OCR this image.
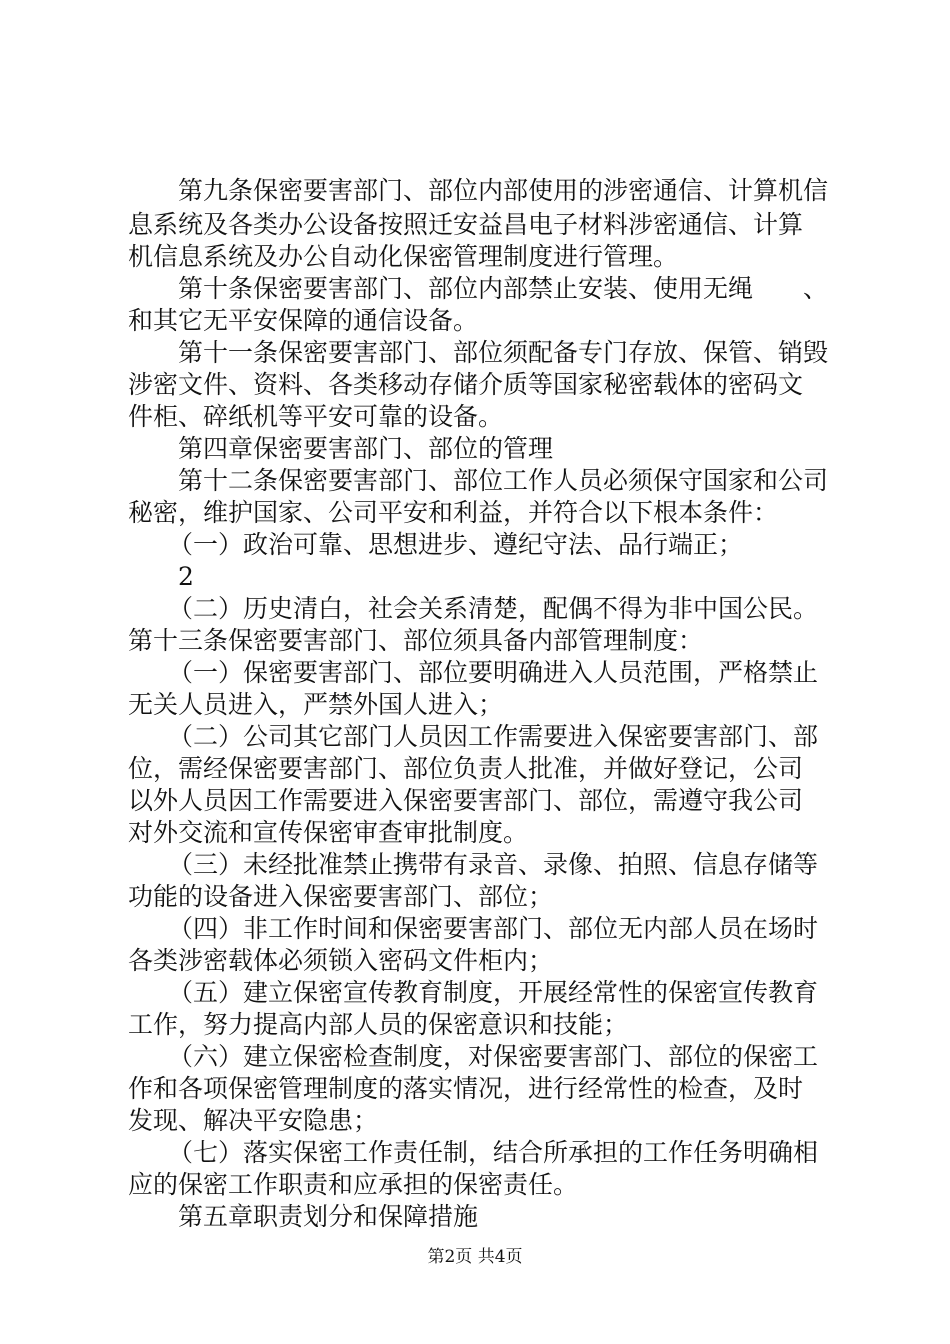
第九条保密要害部门、部位内部使用的涉密通信、计算机信
息系统及各类办公设备按照迁安益昌电子材料涉密通信、计算
机信息系统及办公自动化保密管理制度进行管理。
第十条保密要害部门、部位内部禁止安装、使用无绳　　、
和其它无平安保障的通信设备。
第十一条保密要害部门、部位须配备专门存放、保管、销毁
涉密文件、资料、各类移动存储介质等国家秘密载体的密码文
件柜、碎纸机等平安可靠的设备。
第四章保密要害部门、部位的管理
第十二条保密要害部门、部位工作人员必须保守国家和公司
秘密，维护国家、公司平安和利益，并符合以下根本条件：
（一）政治可靠、思想进步、遵纪守法、品行端正；
2
（二）历史清白，社会关系清楚，配偶不得为非中国公民。
第十三条保密要害部门、部位须具备内部管理制度：
（一）保密要害部门、部位要明确进入人员范围，严格禁止
无关人员进入，严禁外国人进入；
（二）公司其它部门人员因工作需要进入保密要害部门、部
位，需经保密要害部门、部位负责人批准，并做好登记，公司
以外人员因工作需要进入保密要害部门、部位，需遵守我公司
对外交流和宣传保密审查审批制度。
（三）未经批准禁止携带有录音、录像、拍照、信息存储等
功能的设备进入保密要害部门、部位；
（四）非工作时间和保密要害部门、部位无内部人员在场时
各类涉密载体必须锁入密码文件柜内；
（五）建立保密宣传教育制度，开展经常性的保密宣传教育
工作，努力提高内部人员的保密意识和技能；
（六）建立保密检查制度，对保密要害部门、部位的保密工
作和各项保密管理制度的落实情况，进行经常性的检查，及时
发现、解决平安隐患；
（七）落实保密工作责任制，结合所承担的工作任务明确相
应的保密工作职责和应承担的保密责任。
第五章职责划分和保障措施
第2页 共4页
